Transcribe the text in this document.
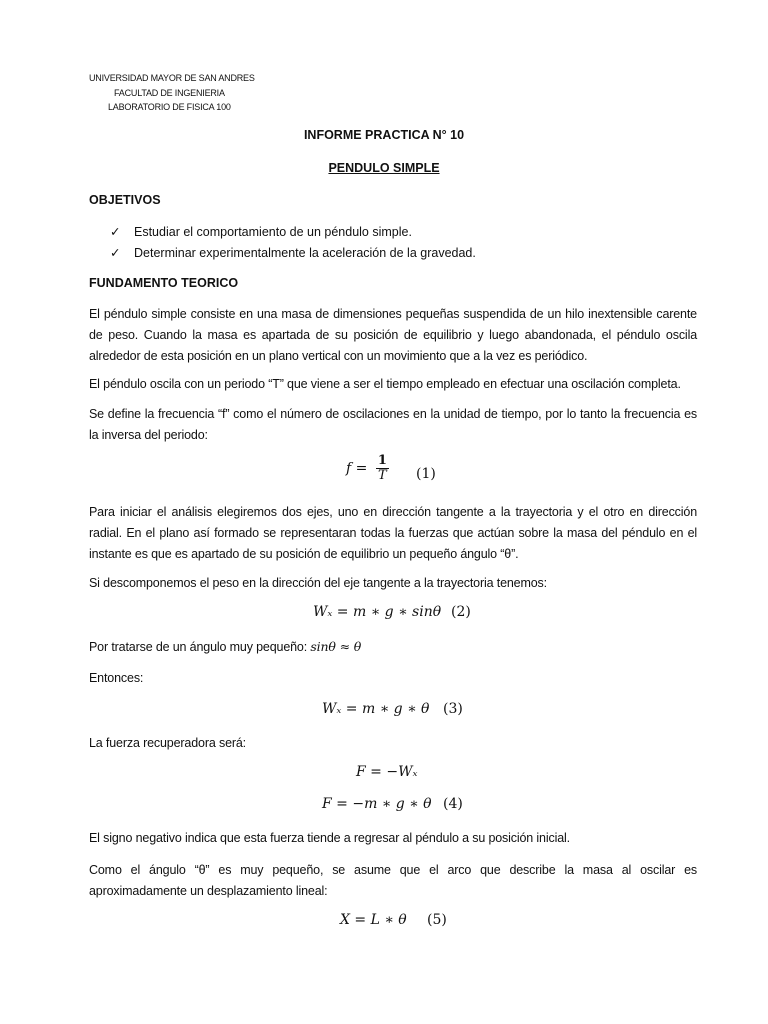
UNIVERSIDAD MAYOR DE SAN ANDRES
FACULTAD DE INGENIERIA
LABORATORIO DE FISICA 100
INFORME PRACTICA N° 10
PENDULO SIMPLE
OBJETIVOS
✓	Estudiar el comportamiento de un péndulo simple.
✓	Determinar experimentalmente la aceleración de la gravedad.
FUNDAMENTO TEORICO
El péndulo simple consiste en una masa de dimensiones pequeñas suspendida de un hilo inextensible carente de peso. Cuando la masa es apartada de su posición de equilibrio y luego abandonada, el péndulo oscila alrededor de esta posición en un plano vertical con un movimiento que a la vez es periódico.
El péndulo oscila con un periodo “T” que viene a ser el tiempo empleado en efectuar una oscilación completa.
Se define la frecuencia “f” como el número de oscilaciones en la unidad de tiempo, por lo tanto la frecuencia es la inversa del periodo:
$f = \frac{1}{T} (1)$
Para iniciar el análisis elegiremos dos ejes, uno en dirección tangente a la trayectoria y el otro en dirección radial. En el plano así formado se representaran todas la fuerzas que actúan sobre la masa del péndulo en el instante es que es apartado de su posición de equilibrio un pequeño ángulo “θ”.
Si descomponemos el peso en la dirección del eje tangente a la trayectoria tenemos:
Wₓ = m ∗ g ∗ sinθ (2)
Por tratarse de un ángulo muy pequeño: sinθ ≈ θ
Entonces:
Wₓ = m ∗ g ∗ θ (3)
La fuerza recuperadora será:
F = −Wₓ
F = −m ∗ g ∗ θ (4)
El signo negativo indica que esta fuerza tiende a regresar al péndulo a su posición inicial.
Como el ángulo “θ” es muy pequeño, se asume que el arco que describe la masa al oscilar es aproximadamente un desplazamiento lineal:
X = L ∗ θ (5)
